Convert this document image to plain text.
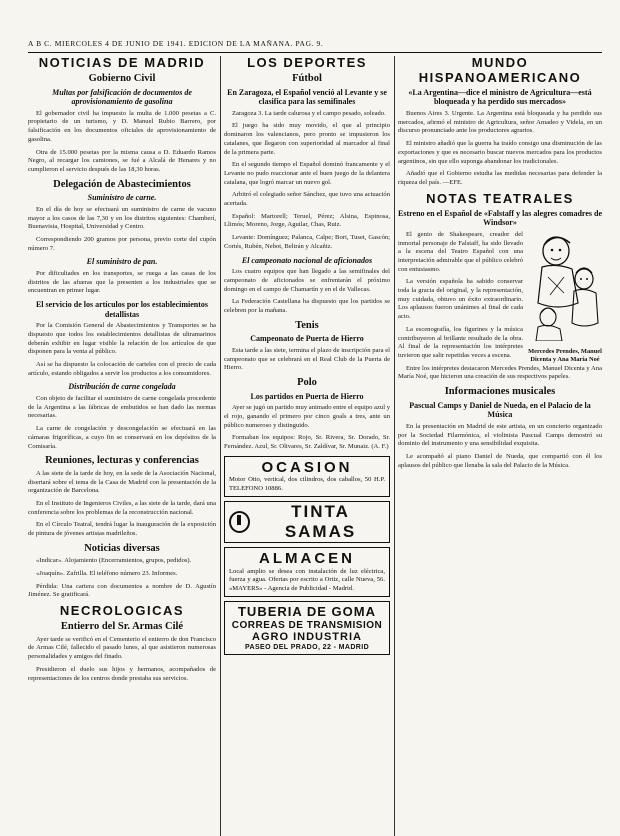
A B C. MIERCOLES 4 DE JUNIO DE 1941. EDICION DE LA MAÑANA. PAG. 9.
NOTICIAS DE MADRID
Gobierno Civil
Multas por falsificación de documentos de aprovisionamiento de gasolina

El gobernador civil ha impuesto la multa de 1.000 pesetas a C. propietario de un turismo, y D. Manuel Rubio Barrero, por falsificación en los documentos oficiales de aprovisionamiento de gasolina.

Otra de 15.000 pesetas por la misma causa a D. Eduardo Ramos Negro, al recargar los camiones, se fué a Alcalá de Henares y no cumplieron el servicio después de las 18,30 horas.

Delegación de Abastecimientos
Suministro de carne.

En el día de hoy se efectuará un suministro de carne de vacuno mayor a los casos de las 7,30 y en los distritos siguientes: Chamberí, Buenavista, Hospital, Universidad y Centro.

Correspondiendo 200 gramos por persona, previo corte del cupón número 7.

El suministro de pan.

Por dificultades en los transportes, se ruega a las casas de los distritos de las afueras que la presenten a los industriales que se encuentran en primer lugar.

El servicio de los artículos por los establecimientos detallistas

Por la Comisión General de Abastecimientos y Transportes se ha dispuesto que todos los establecimientos detallistas de ultramarinos deberán exhibir en lugar visible la relación de los artículos de que disponen para la venta al público.

Así se ha dispuesto la colocación de carteles con el precio de cada artículo, estando obligados a servir los productos a los consumidores.

Distribución de carne congelada

Con objeto de facilitar el suministro de carne congelada procedente de la Argentina a las fábricas de embutidos se han dado las normas necesarias.

La carne de congelación y descongelación se efectuará en las cámaras frigoríficas, a cuyo fin se conservará en los depósitos de la Comisaría.

Reuniones, lecturas y conferencias

A las siete de la tarde de hoy, en la sede de la Asociación Nacional, disertará sobre el tema de la Casa de Madrid con la presentación de la organización de Barcelona.

En el Instituto de Ingenieros Civiles, a las siete de la tarde, dará una conferencia sobre los problemas de la reconstrucción nacional.

En el Círculo Teatral, tendrá lugar la inauguración de la exposición de pintura de jóvenes artistas madrileños.

Noticias diversas

«Indicar». Alojamiento (Encerramientos, grupos, pedidos).

«Joaquín». Zafrilla. El teléfono número 23. Informes.

Pérdida: Una cartera con documentos a nombre de D. Agustín Jiménez. Se gratificará.

NECROLOGICAS
Entierro del Sr. Armas Cilé

Ayer tarde se verificó en el Cementerio el entierro de don Francisco de Armas Cilé, fallecido el pasado lunes, al que asistieron numerosas personalidades y amigos del finado.

Presidieron el duelo sus hijos y hermanos, acompañados de representaciones de los centros donde prestaba sus servicios.

LOS DEPORTES
Fútbol
En Zaragoza, el Español venció al Levante y se clasifica para las semifinales

Zaragoza 3. La tarde calurosa y el campo pesado, soleado.

El juego ha sido muy movido, el que al principio dominaron los valencianos, pero pronto se impusieron los catalanes, que llegaron con superioridad al marcador al final de la primera parte.

En el segundo tiempo el Español dominó francamente y el Levante no pudo reaccionar ante el buen juego de la delantera catalana, que logró marcar un nuevo gol.

Arbitró el colegiado señor Sánchez, que tuvo una actuación acertada.

Español: Martorell; Teruel, Pérez; Alsina, Espinosa, Llimós; Moreno, Jorge, Aguilar, Chas, Ruiz.

Levante: Domínguez; Palanca, Calpe; Bori, Tuset, Gascón; Cortés, Rubén, Nebot, Beltrán y Alcañiz.

El campeonato nacional de aficionados

Los cuatro equipos que han llegado a las semifinales del campeonato de aficionados se enfrentarán el próximo domingo en el campo de Chamartín y en el de Vallecas.

La Federación Castellana ha dispuesto que los partidos se celebren por la mañana.

Tenis
Campeonato de Puerta de Hierro

Esta tarde a las siete, termina el plazo de inscripción para el campeonato que se celebrará en el Real Club de la Puerta de Hierro.

Polo
Los partidos en Puerta de Hierro

Ayer se jugó un partido muy animado entre el equipo azul y el rojo, ganando el primero por cinco goals a tres, ante un público numeroso y distinguido.

Formaban los equipos: Rojo, Sr. Rivera, Sr. Dorado, Sr. Fernández. Azul, Sr. Olivares, Sr. Zaldívar, Sr. Munaiz. (A. F.)

OCASION
Motor Otto, vertical, dos cilindros, dos caballos, 50 H.P. TELEFONO 10886.
TINTA SAMAS
ALMACEN
Local amplio se desea con instalación de luz eléctrica, fuerza y agua. Ofertas por escrito a Ortiz, calle Nueva, 56. «MAYERS» - Agencia de Publicidad - Madrid.
TUBERIA DE GOMA
CORREAS DE TRANSMISION
AGRO INDUSTRIA
PASEO DEL PRADO, 22 - MADRID
MUNDO HISPANOAMERICANO
«La Argentina—dice el ministro de Agricultura—está bloqueada y ha perdido sus mercados»

Buenos Aires 3. Urgente. La Argentina está bloqueada y ha perdido sus mercados, afirmó el ministro de Agricultura, señor Amadeo y Videla, en un discurso pronunciado ante los productores agrarios.

El ministro añadió que la guerra ha traído consigo una disminución de las exportaciones y que es necesario buscar nuevos mercados para los productos argentinos, sin que ello suponga abandonar los tradicionales.

Añadió que el Gobierno estudia las medidas necesarias para defender la riqueza del país. —EFE.

NOTAS TEATRALES
Estreno en el Español de «Falstaff y las alegres comadres de Windsor»
Mercedes Prendes, Manuel Dicenta y Ana María Noé

El genio de Shakespeare, creador del inmortal personaje de Falstaff, ha sido llevado a la escena del Teatro Español con una interpretación admirable que el público celebró con entusiasmo.

La versión española ha sabido conservar toda la gracia del original, y la representación, muy cuidada, obtuvo un éxito extraordinario. Los aplausos fueron unánimes al final de cada acto.

La escenografía, los figurines y la música contribuyeron al brillante resultado de la obra. Al final de la representación los intérpretes tuvieron que salir repetidas veces a escena.

Entre los intérpretes destacaron Mercedes Prendes, Manuel Dicenta y Ana María Noé, que hicieron una creación de sus respectivos papeles.

Informaciones musicales
Pascual Camps y Daniel de Nueda, en el Palacio de la Música

En la presentación en Madrid de este artista, en un concierto organizado por la Sociedad Filarmónica, el violinista Pascual Camps demostró su dominio del instrumento y una sensibilidad exquisita.

Le acompañó al piano Daniel de Nueda, que compartió con él los aplausos del público que llenaba la sala del Palacio de la Música.
